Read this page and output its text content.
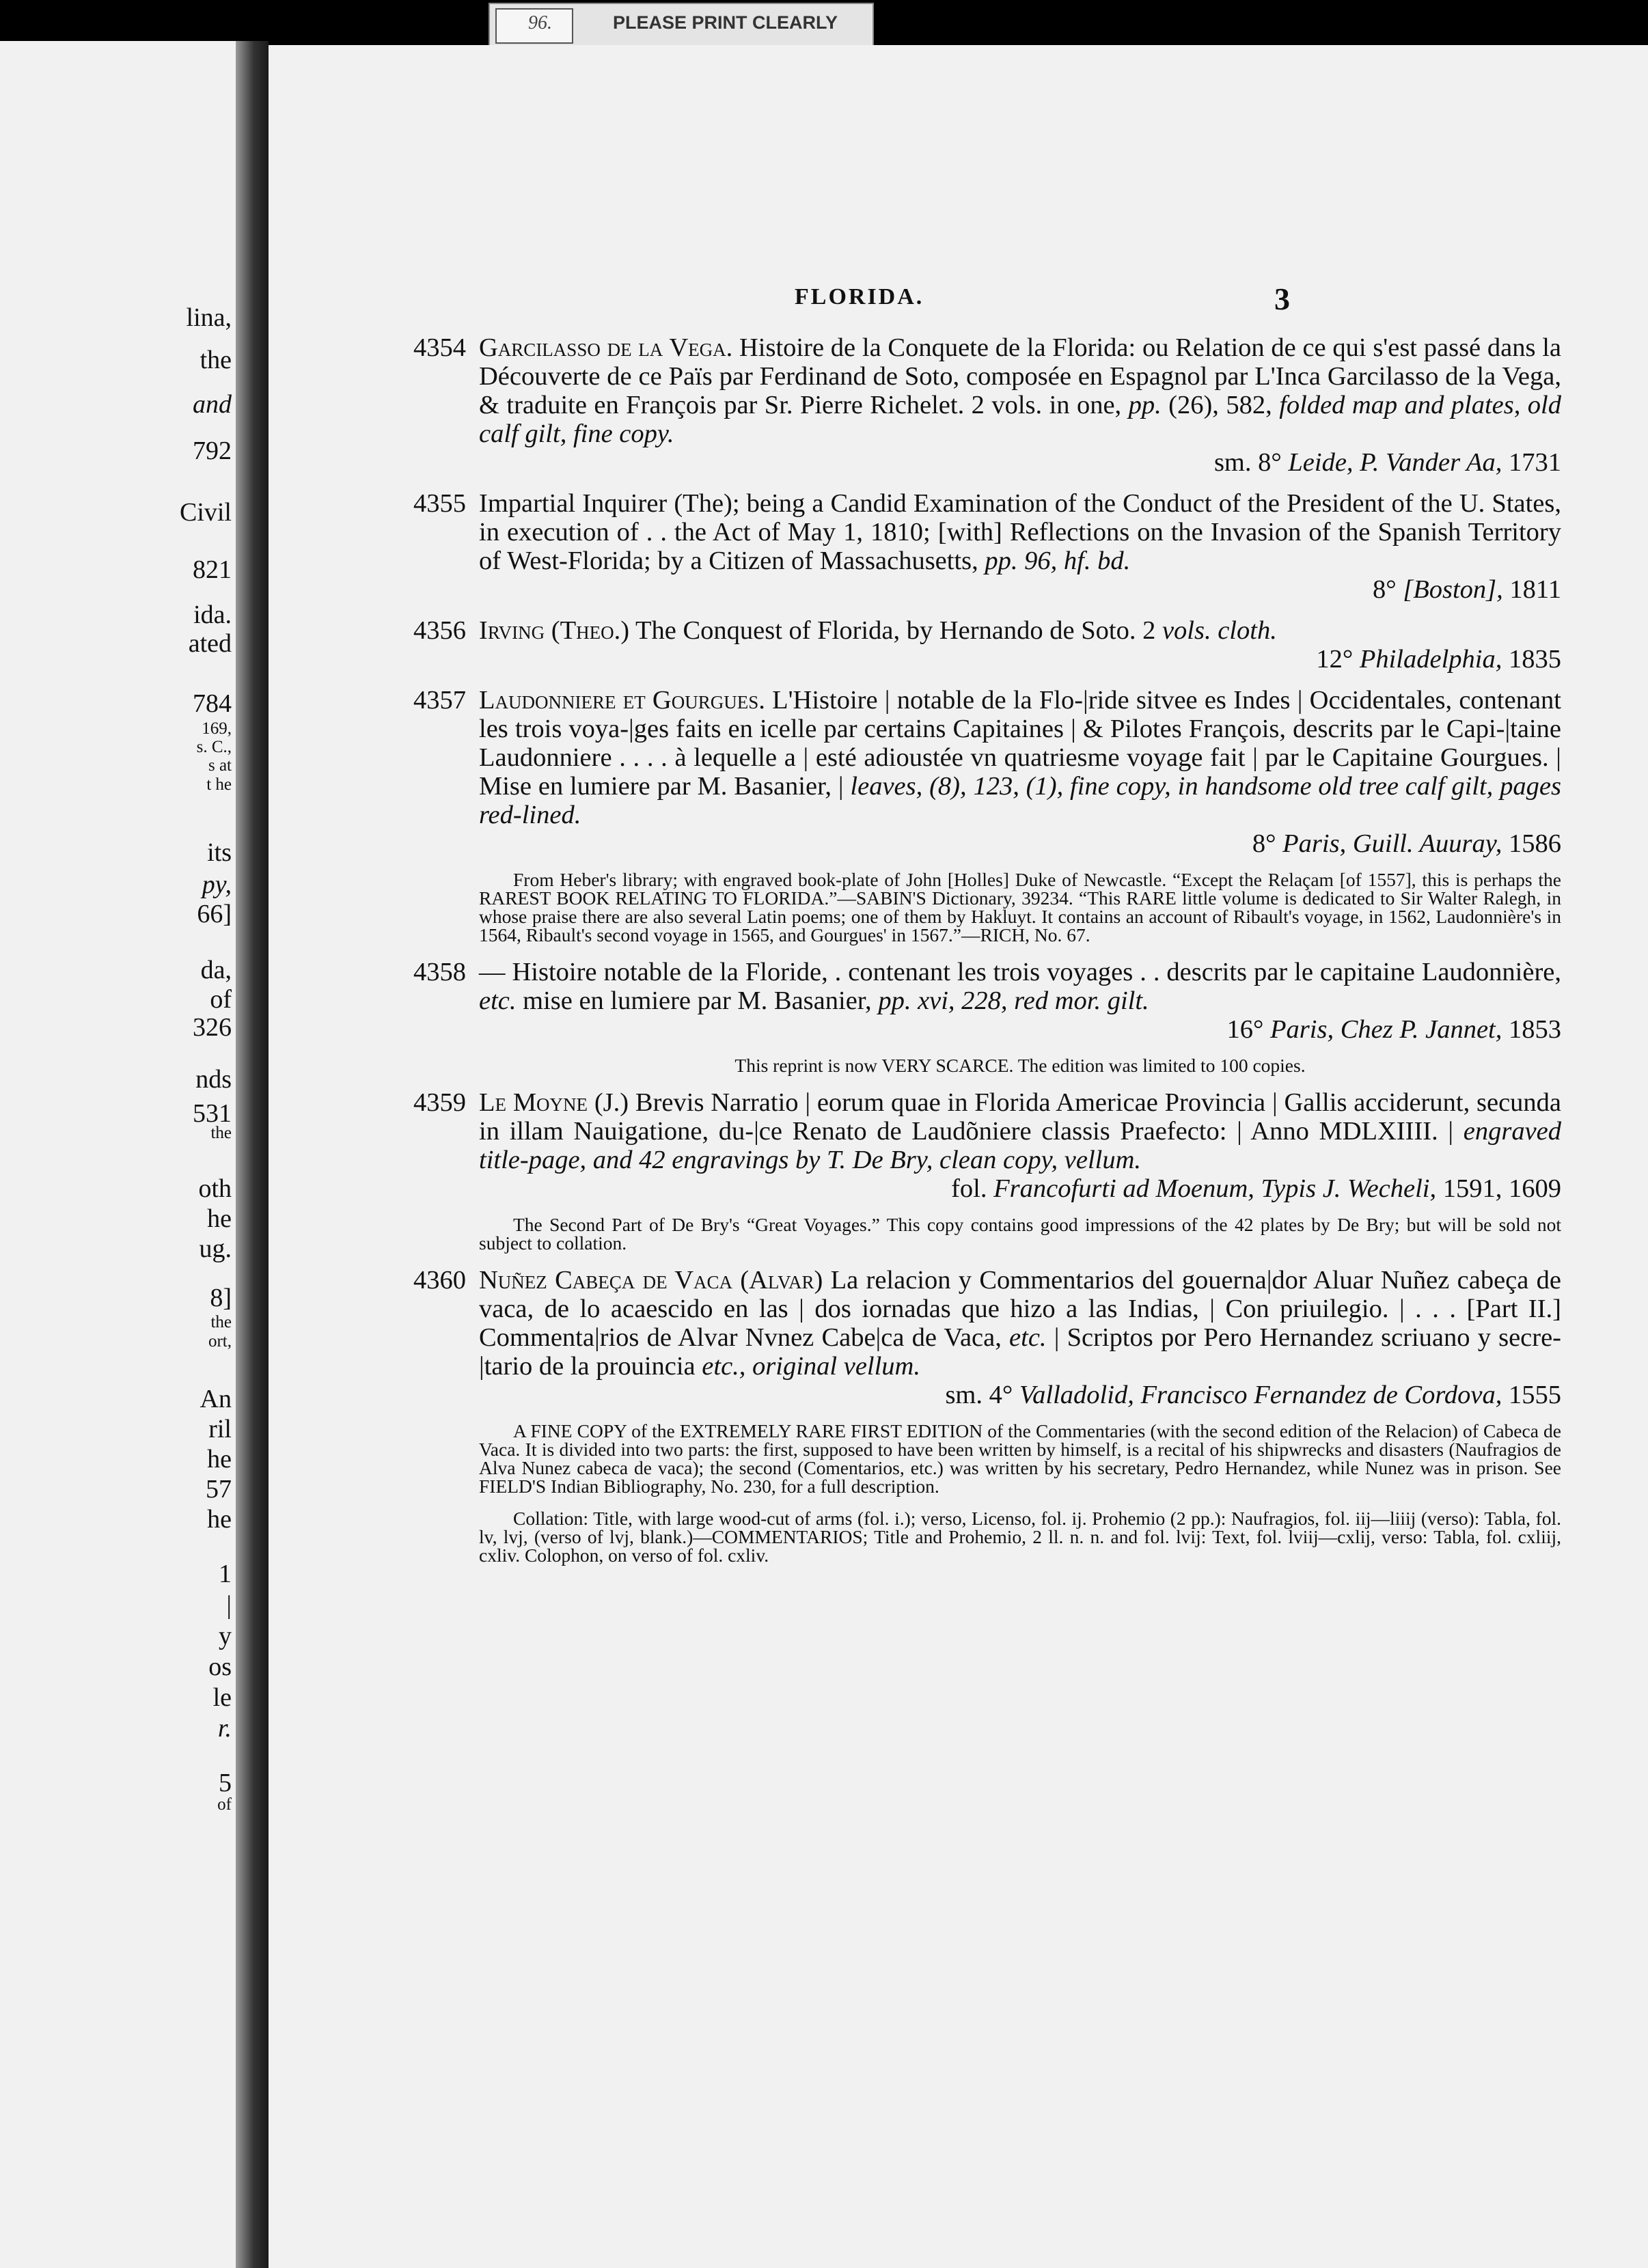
lina,
the
and
792
Civil
821
ida.
ated
784
169,
s. C.,
s at
t he
its
py,
66]
da,
of
326
nds
531
the
oth
he
ug.
8]
the
ort,
An
ril
he
57
he
1
|
y
os
le
r.
5
of
96.	PLEASE PRINT CLEARLY
FLORIDA.	3
4354 Garcilasso de la Vega. Histoire de la Conquete de la Florida: ou Relation de ce qui s'est passé dans la Découverte de ce Païs par Ferdinand de Soto, composée en Espagnol par L'Inca Garcilasso de la Vega, & traduite en François par Sr. Pierre Richelet. 2 vols. in one, pp. (26), 582, folded map and plates, old calf gilt, fine copy.
sm. 8° Leide, P. Vander Aa, 1731
4355 Impartial Inquirer (The); being a Candid Examination of the Conduct of the President of the U. States, in execution of . . the Act of May 1, 1810; [with] Reflections on the Invasion of the Spanish Territory of West-Florida; by a Citizen of Massachusetts, pp. 96, hf. bd.
8° [Boston], 1811
4356 Irving (Theo.) The Conquest of Florida, by Hernando de Soto. 2 vols. cloth.
12° Philadelphia, 1835
4357 Laudonniere et Gourgues. L'Histoire | notable de la Flo-|ride sitvee es Indes | Occidentales, contenant les trois voya-|ges faits en icelle par certains Capitaines | & Pilotes François, descrits par le Capi-|taine Laudonniere . . . . à lequelle a | esté adioustée vn quatriesme voyage fait | par le Capitaine Gourgues. | Mise en lumiere par M. Basanier, | leaves, (8), 123, (1), fine copy, in handsome old tree calf gilt, pages red-lined.
8° Paris, Guill. Auuray, 1586
From Heber's library; with engraved book-plate of John [Holles] Duke of Newcastle. “Except the Relaçam [of 1557], this is perhaps the RAREST BOOK RELATING TO FLORIDA.”—SABIN'S Dictionary, 39234. “This RARE little volume is dedicated to Sir Walter Ralegh, in whose praise there are also several Latin poems; one of them by Hakluyt. It contains an account of Ribault's voyage, in 1562, Laudonnière's in 1564, Ribault's second voyage in 1565, and Gourgues' in 1567.”—RICH, No. 67.
4358 — Histoire notable de la Floride, . contenant les trois voyages . . descrits par le capitaine Laudonnière, etc. mise en lumiere par M. Basanier, pp. xvi, 228, red mor. gilt.
16° Paris, Chez P. Jannet, 1853
This reprint is now VERY SCARCE. The edition was limited to 100 copies.
4359 Le Moyne (J.) Brevis Narratio | eorum quae in Florida Americae Provincia | Gallis acciderunt, secunda in illam Nauigatione, du-|ce Renato de Laudõniere classis Praefecto: | Anno MDLXIIII. | engraved title-page, and 42 engravings by T. De Bry, clean copy, vellum.
fol. Francofurti ad Moenum, Typis J. Wecheli, 1591, 1609
The Second Part of De Bry's “Great Voyages.” This copy contains good impressions of the 42 plates by De Bry; but will be sold not subject to collation.
4360 Nuñez Cabeça de Vaca (Alvar) La relacion y Commentarios del gouerna|dor Aluar Nuñez cabeça de vaca, de lo acaescido en las | dos iornadas que hizo a las Indias, | Con priuilegio. | . . . [Part II.] Commenta|rios de Alvar Nvnez Cabe|ca de Vaca, etc. | Scriptos por Pero Hernandez scriuano y secre-|tario de la prouincia etc., original vellum.
sm. 4° Valladolid, Francisco Fernandez de Cordova, 1555
A FINE COPY of the EXTREMELY RARE FIRST EDITION of the Commentaries (with the second edition of the Relacion) of Cabeca de Vaca. It is divided into two parts: the first, supposed to have been written by himself, is a recital of his shipwrecks and disasters (Naufragios de Alva Nunez cabeca de vaca); the second (Comentarios, etc.) was written by his secretary, Pedro Hernandez, while Nunez was in prison. See FIELD'S Indian Bibliography, No. 230, for a full description.
Collation: Title, with large wood-cut of arms (fol. i.); verso, Licenso, fol. ij. Prohemio (2 pp.): Naufragios, fol. iij—liiij (verso): Tabla, fol. lv, lvj, (verso of lvj, blank.)—COMMENTARIOS; Title and Prohemio, 2 ll. n. n. and fol. lvij: Text, fol. lviij—cxlij, verso: Tabla, fol. cxliij, cxliv. Colophon, on verso of fol. cxliv.
